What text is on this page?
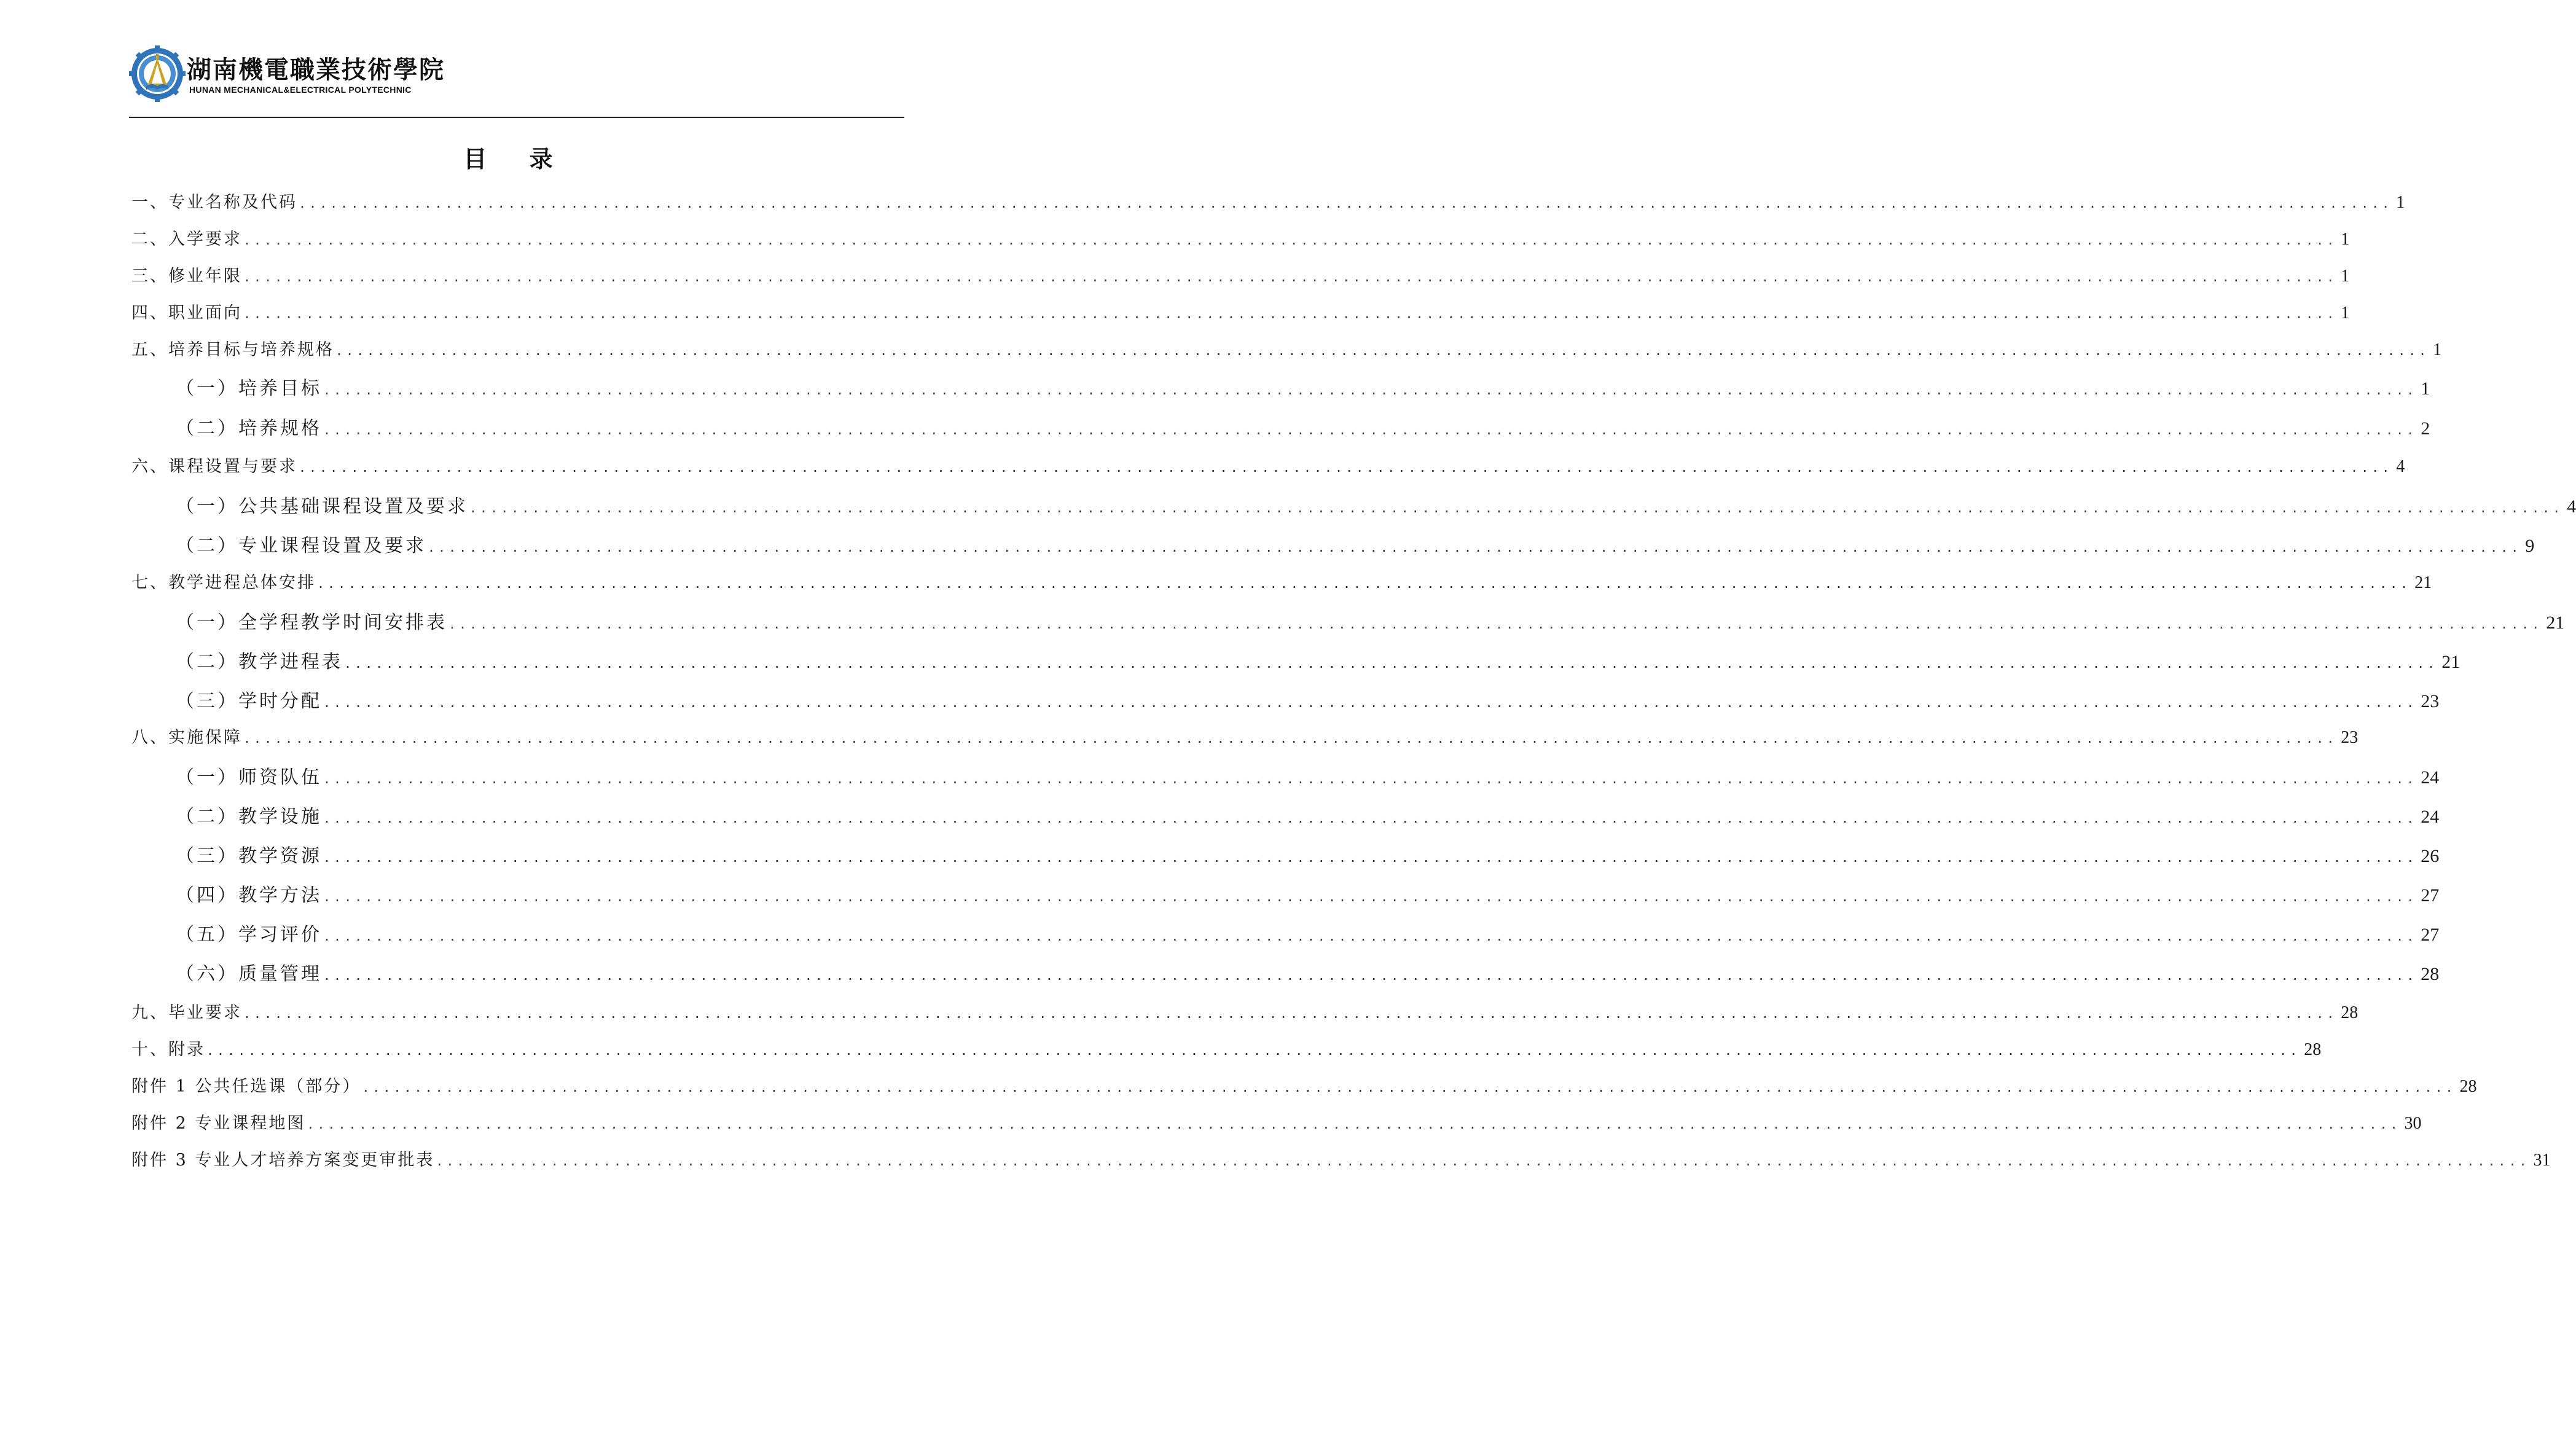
湖南機電職業技術學院
HUNAN MECHANICAL&ELECTRICAL POLYTECHNIC
目 录
一、专业名称及代码 ........................................................................................................................................................................................................ 1
二、入学要求 ........................................................................................................................................................................................................ 1
三、修业年限 ........................................................................................................................................................................................................ 1
四、职业面向 ........................................................................................................................................................................................................ 1
五、培养目标与培养规格 ........................................................................................................................................................................................................ 1
（一）培养目标 ........................................................................................................................................................................................................ 1
（二）培养规格 ........................................................................................................................................................................................................ 2
六、课程设置与要求 ........................................................................................................................................................................................................ 4
（一）公共基础课程设置及要求 ........................................................................................................................................................................................................ 4
（二）专业课程设置及要求 ........................................................................................................................................................................................................ 9
七、教学进程总体安排 ........................................................................................................................................................................................................ 21
（一）全学程教学时间安排表 ........................................................................................................................................................................................................ 21
（二）教学进程表 ........................................................................................................................................................................................................ 21
（三）学时分配 ........................................................................................................................................................................................................ 23
八、实施保障 ........................................................................................................................................................................................................ 23
（一）师资队伍 ........................................................................................................................................................................................................ 24
（二）教学设施 ........................................................................................................................................................................................................ 24
（三）教学资源 ........................................................................................................................................................................................................ 26
（四）教学方法 ........................................................................................................................................................................................................ 27
（五）学习评价 ........................................................................................................................................................................................................ 27
（六）质量管理 ........................................................................................................................................................................................................ 28
九、毕业要求 ........................................................................................................................................................................................................ 28
十、附录 ........................................................................................................................................................................................................ 28
附件 1 公共任选课（部分） ........................................................................................................................................................................................................ 28
附件 2 专业课程地图 ........................................................................................................................................................................................................ 30
附件 3 专业人才培养方案变更审批表 ........................................................................................................................................................................................................ 31
